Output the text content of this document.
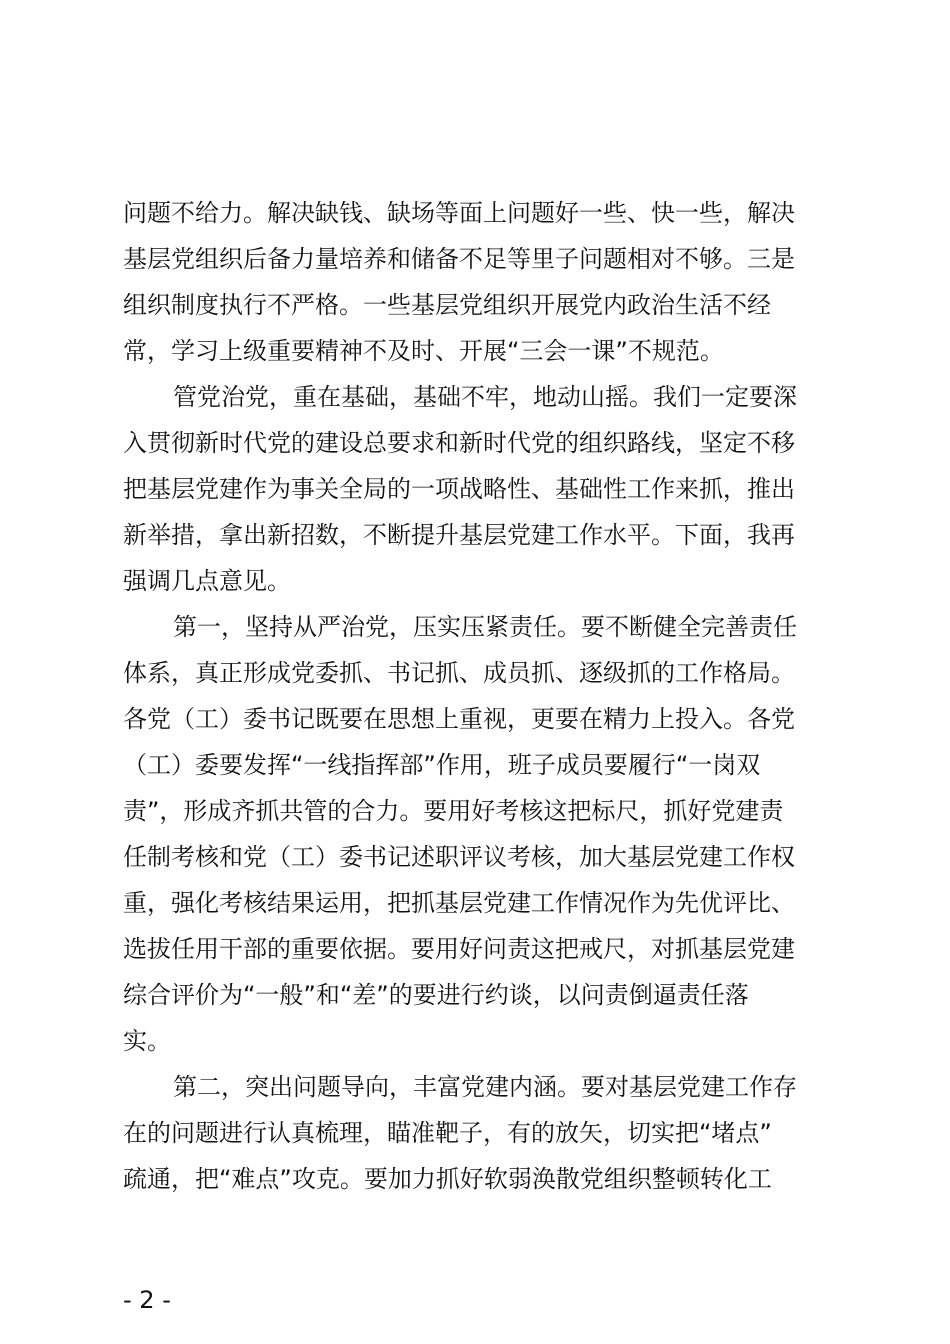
问题不给力。解决缺钱、缺场等面上问题好一些、快一些，解决
基层党组织后备力量培养和储备不足等里子问题相对不够。三是
组织制度执行不严格。一些基层党组织开展党内政治生活不经
常，学习上级重要精神不及时、开展“三会一课”不规范。
管党治党，重在基础，基础不牢，地动山摇。我们一定要深
入贯彻新时代党的建设总要求和新时代党的组织路线，坚定不移
把基层党建作为事关全局的一项战略性、基础性工作来抓，推出
新举措，拿出新招数，不断提升基层党建工作水平。下面，我再
强调几点意见。
第一，坚持从严治党，压实压紧责任。要不断健全完善责任
体系，真正形成党委抓、书记抓、成员抓、逐级抓的工作格局。
各党（工）委书记既要在思想上重视，更要在精力上投入。各党
（工）委要发挥“一线指挥部”作用，班子成员要履行“一岗双
责”，形成齐抓共管的合力。要用好考核这把标尺，抓好党建责
任制考核和党（工）委书记述职评议考核，加大基层党建工作权
重，强化考核结果运用，把抓基层党建工作情况作为先优评比、
选拔任用干部的重要依据。要用好问责这把戒尺，对抓基层党建
综合评价为“一般”和“差”的要进行约谈，以问责倒逼责任落
实。
第二，突出问题导向，丰富党建内涵。要对基层党建工作存
在的问题进行认真梳理，瞄准靶子，有的放矢，切实把“堵点”
疏通，把“难点”攻克。要加力抓好软弱涣散党组织整顿转化工
- 2 -
